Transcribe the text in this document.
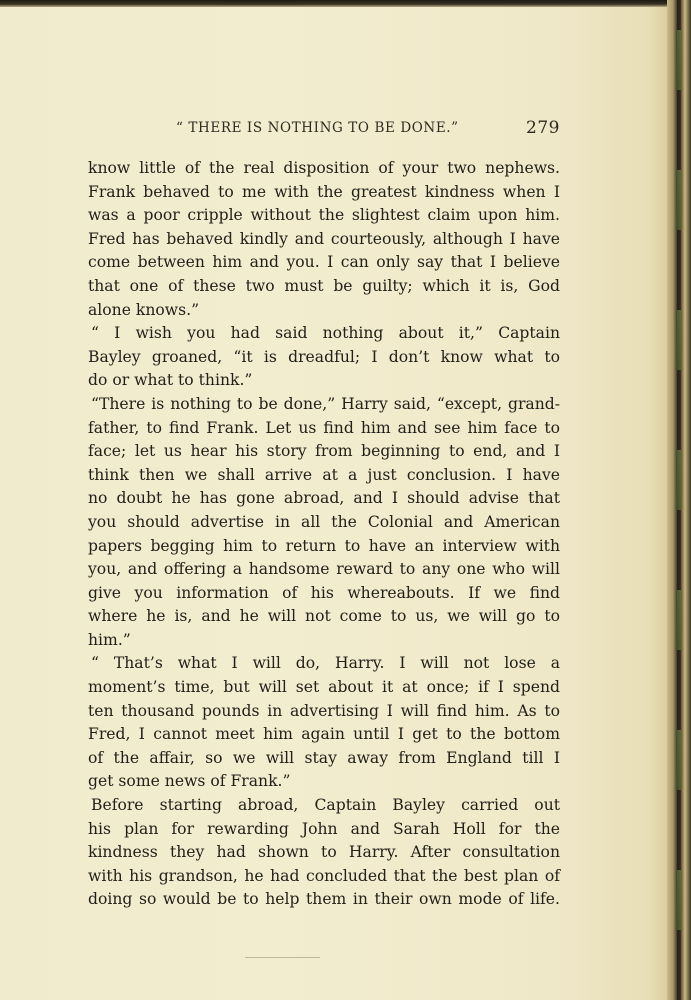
“ THERE IS NOTHING TO BE DONE.”	279
know little of the real disposition of your two nephews.
Frank behaved to me with the greatest kindness when I
was a poor cripple without the slightest claim upon him.
Fred has behaved kindly and courteously, although I have
come between him and you. I can only say that I believe
that one of these two must be guilty; which it is, God
alone knows.”
“ I wish you had said nothing about it,” Captain
Bayley groaned, “it is dreadful; I don’t know what to
do or what to think.”
“There is nothing to be done,” Harry said, “except, grand-
father, to find Frank. Let us find him and see him face to
face; let us hear his story from beginning to end, and I
think then we shall arrive at a just conclusion. I have
no doubt he has gone abroad, and I should advise that
you should advertise in all the Colonial and American
papers begging him to return to have an interview with
you, and offering a handsome reward to any one who will
give you information of his whereabouts. If we find
where he is, and he will not come to us, we will go to
him.”
“ That’s what I will do, Harry. I will not lose a
moment’s time, but will set about it at once; if I spend
ten thousand pounds in advertising I will find him. As to
Fred, I cannot meet him again until I get to the bottom
of the affair, so we will stay away from England till I
get some news of Frank.”
Before starting abroad, Captain Bayley carried out
his plan for rewarding John and Sarah Holl for the
kindness they had shown to Harry. After consultation
with his grandson, he had concluded that the best plan of
doing so would be to help them in their own mode of life.
